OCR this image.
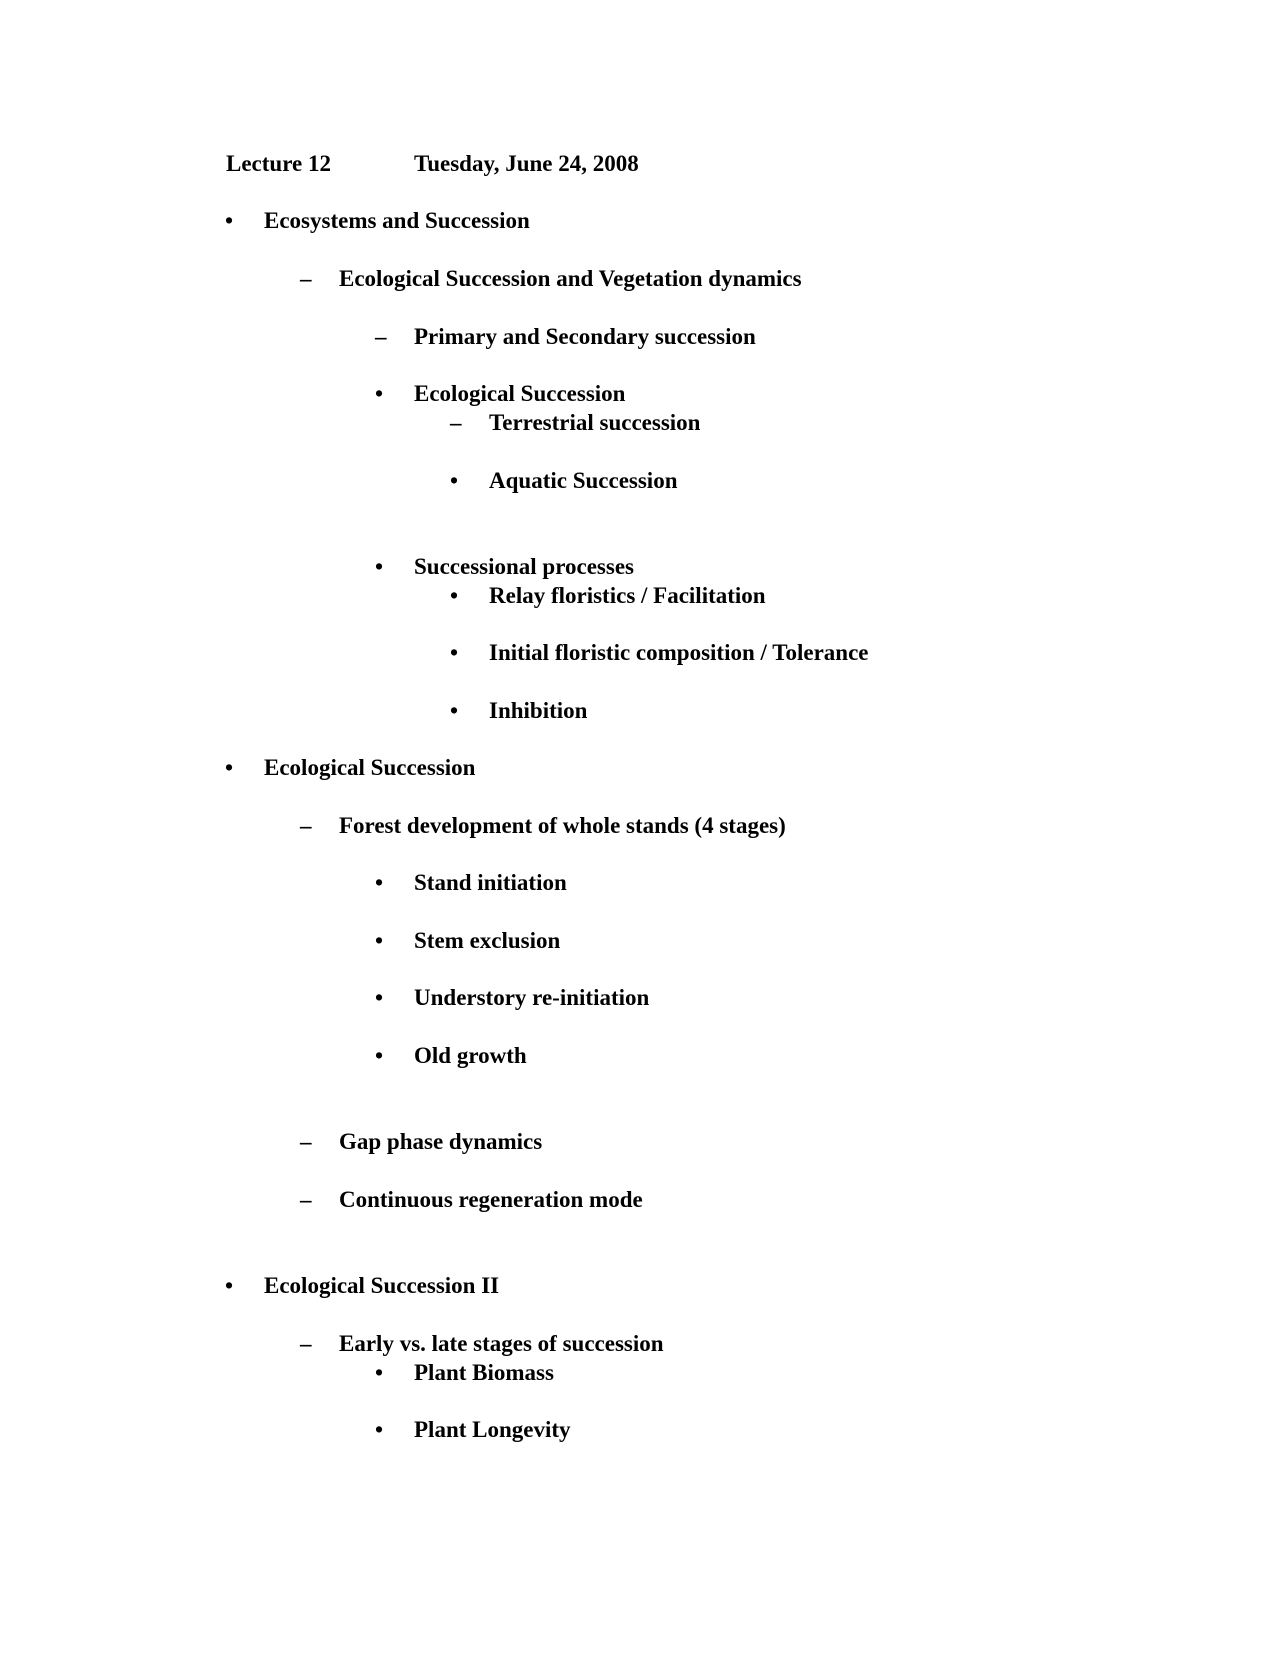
Lecture 12	Tuesday, June 24, 2008
• Ecosystems and Succession
– Ecological Succession and Vegetation dynamics
– Primary and Secondary succession
• Ecological Succession
– Terrestrial succession
• Aquatic Succession
• Successional processes
• Relay floristics / Facilitation
• Initial floristic composition / Tolerance
• Inhibition
• Ecological Succession
– Forest development of whole stands (4 stages)
• Stand initiation
• Stem exclusion
• Understory re-initiation
• Old growth
– Gap phase dynamics
– Continuous regeneration mode
• Ecological Succession II
– Early vs. late stages of succession
• Plant Biomass
• Plant Longevity
